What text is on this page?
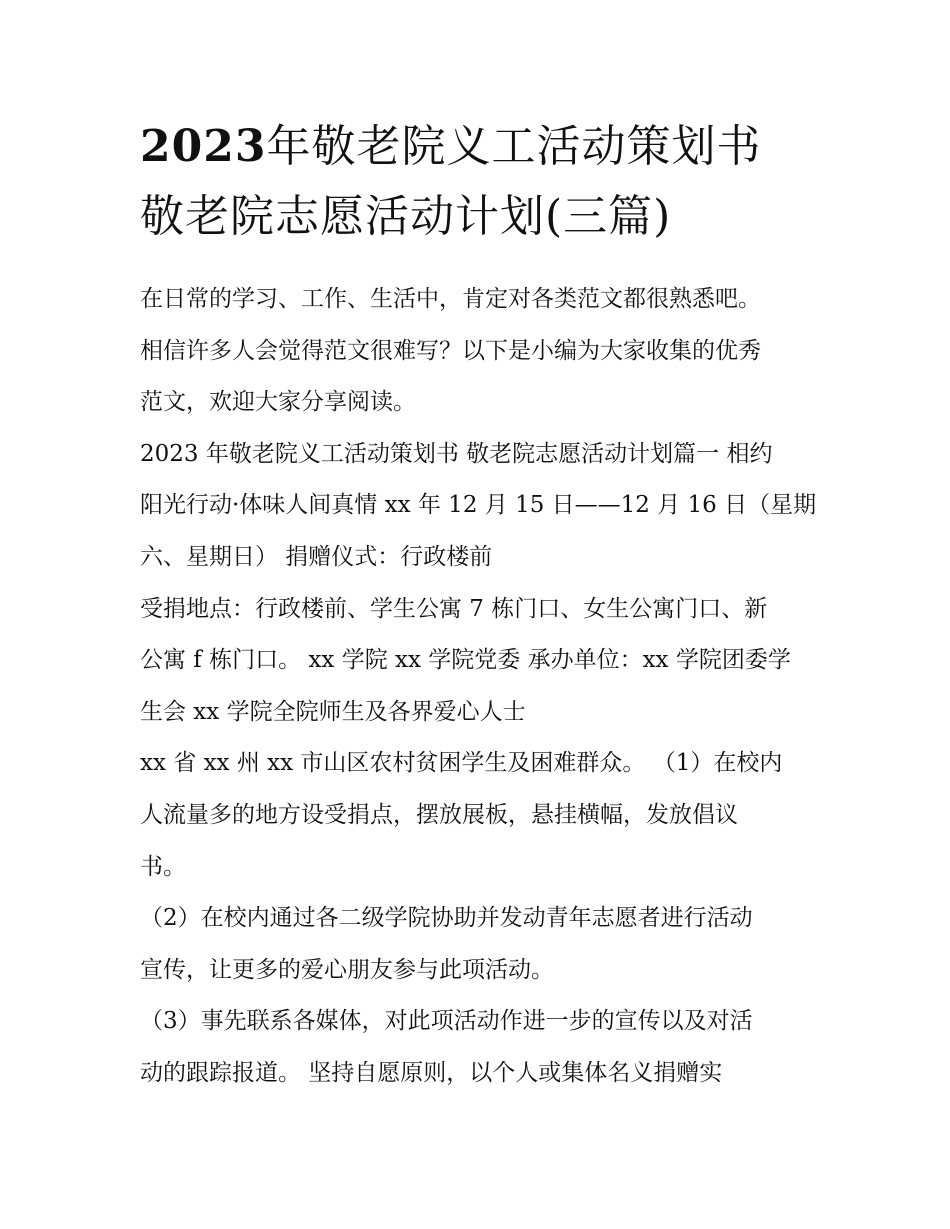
2023年敬老院义工活动策划书
敬老院志愿活动计划(三篇)

在日常的学习、工作、生活中，肯定对各类范文都很熟悉吧。
相信许多人会觉得范文很难写？以下是小编为大家收集的优秀
范文，欢迎大家分享阅读。

2023 年敬老院义工活动策划书 敬老院志愿活动计划篇一 相约
阳光行动·体味人间真情 xx 年 12 月 15 日——12 月 16 日（星期
六、星期日） 捐赠仪式：行政楼前

受捐地点：行政楼前、学生公寓 7 栋门口、女生公寓门口、新
公寓 f 栋门口。 xx 学院 xx 学院党委 承办单位：xx 学院团委学
生会 xx 学院全院师生及各界爱心人士

xx 省 xx 州 xx 市山区农村贫困学生及困难群众。 （1）在校内
人流量多的地方设受捐点，摆放展板，悬挂横幅，发放倡议
书。

（2）在校内通过各二级学院协助并发动青年志愿者进行活动
宣传，让更多的爱心朋友参与此项活动。

（3）事先联系各媒体，对此项活动作进一步的宣传以及对活
动的跟踪报道。 坚持自愿原则，以个人或集体名义捐赠实
